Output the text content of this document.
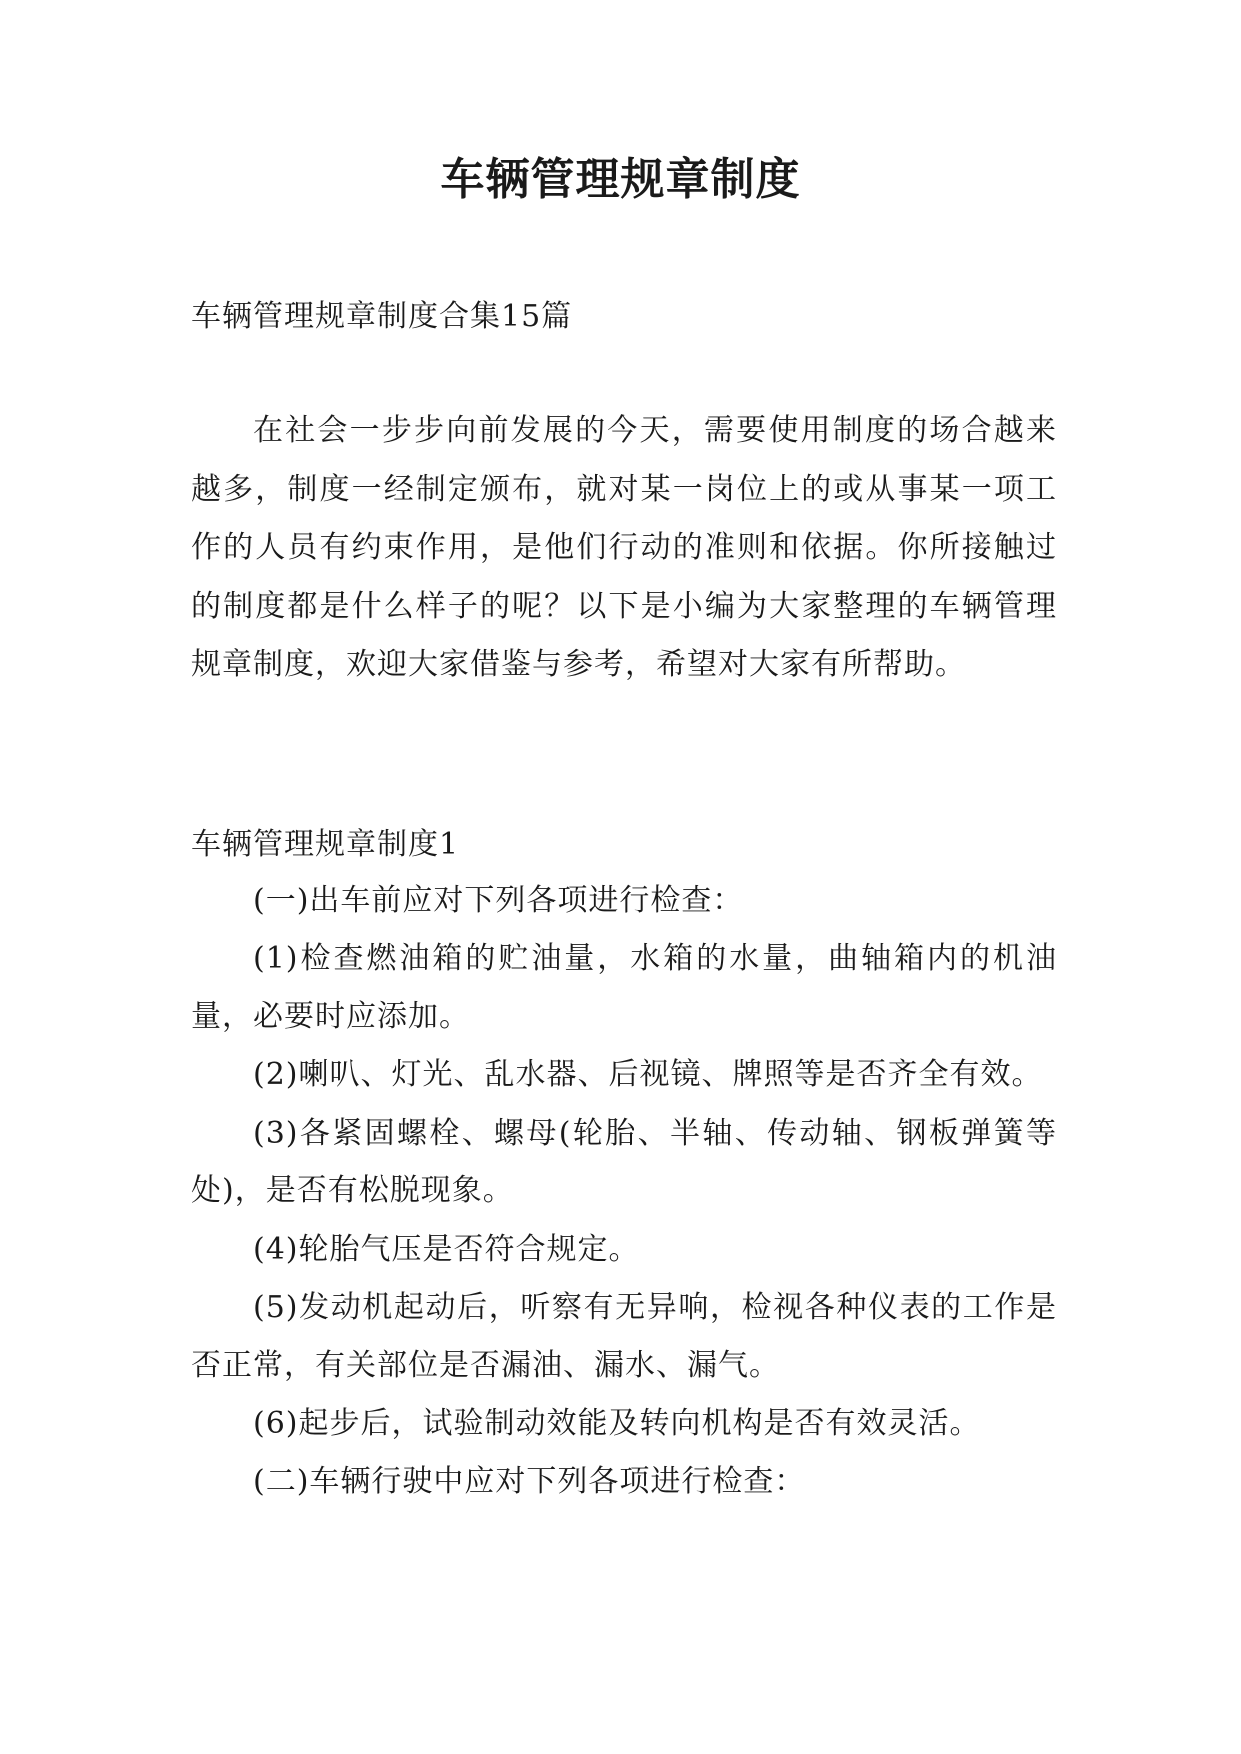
车辆管理规章制度
车辆管理规章制度合集15篇

在社会一步步向前发展的今天，需要使用制度的场合越来越多，制度一经制定颁布，就对某一岗位上的或从事某一项工作的人员有约束作用，是他们行动的准则和依据。你所接触过的制度都是什么样子的呢？以下是小编为大家整理的车辆管理规章制度，欢迎大家借鉴与参考，希望对大家有所帮助。

车辆管理规章制度1

(一)出车前应对下列各项进行检查：

(1)检查燃油箱的贮油量，水箱的水量，曲轴箱内的机油量，必要时应添加。

(2)喇叭、灯光、乱水器、后视镜、牌照等是否齐全有效。

(3)各紧固螺栓、螺母(轮胎、半轴、传动轴、钢板弹簧等处)，是否有松脱现象。

(4)轮胎气压是否符合规定。

(5)发动机起动后，听察有无异响，检视各种仪表的工作是否正常，有关部位是否漏油、漏水、漏气。

(6)起步后，试验制动效能及转向机构是否有效灵活。

(二)车辆行驶中应对下列各项进行检查：
